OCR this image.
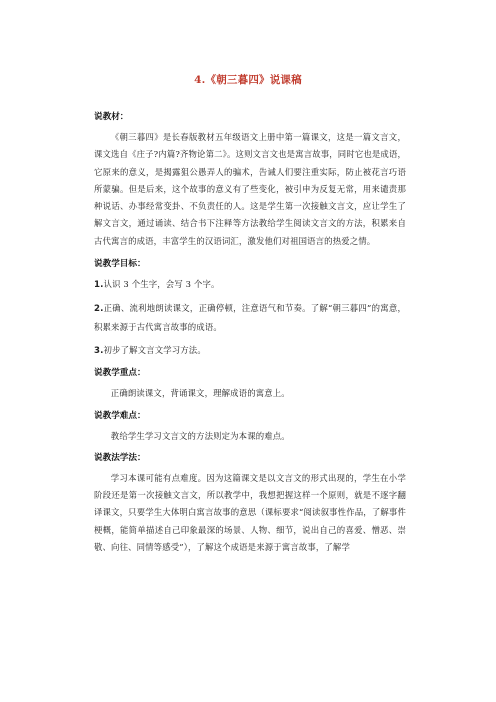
4.《朝三暮四》说课稿
说教材：

《朝三暮四》是长春版教材五年级语文上册中第一篇课文，这是一篇文言文，课文选自《庄子?内篇?齐物论第二》。这则文言文也是寓言故事，同时它也是成语，它原来的意义，是揭露狙公愚弄人的骗术，告诫人们要注重实际，防止被花言巧语所蒙骗。但是后来，这个故事的意义有了些变化，被引申为反复无常，用来谴责那种说话、办事经常变卦、不负责任的人。这是学生第一次接触文言文，应让学生了解文言文，通过诵读、结合书下注释等方法教给学生阅读文言文的方法，积累来自古代寓言的成语，丰富学生的汉语词汇，激发他们对祖国语言的热爱之情。

说教学目标：

1.认识 3 个生字，会写 3 个字。

2.正确、流利地朗读课文，正确停顿，注意语气和节奏。了解“朝三暮四”的寓意，积累来源于古代寓言故事的成语。

3.初步了解文言文学习方法。

说教学重点：

正确朗读课文，背诵课文，理解成语的寓意上。

说教学难点：

教给学生学习文言文的方法则定为本课的难点。

说教法学法：

学习本课可能有点难度。因为这篇课文是以文言文的形式出现的，学生在小学阶段还是第一次接触文言文，所以教学中，我想把握这样一个原则，就是不逐字翻译课文，只要学生大体明白寓言故事的意思（课标要求“阅读叙事性作品，了解事件梗概，能简单描述自己印象最深的场景、人物、细节，说出自己的喜爱、憎恶、崇敬、向往、同情等感受”），了解这个成语是来源于寓言故事，了解学
